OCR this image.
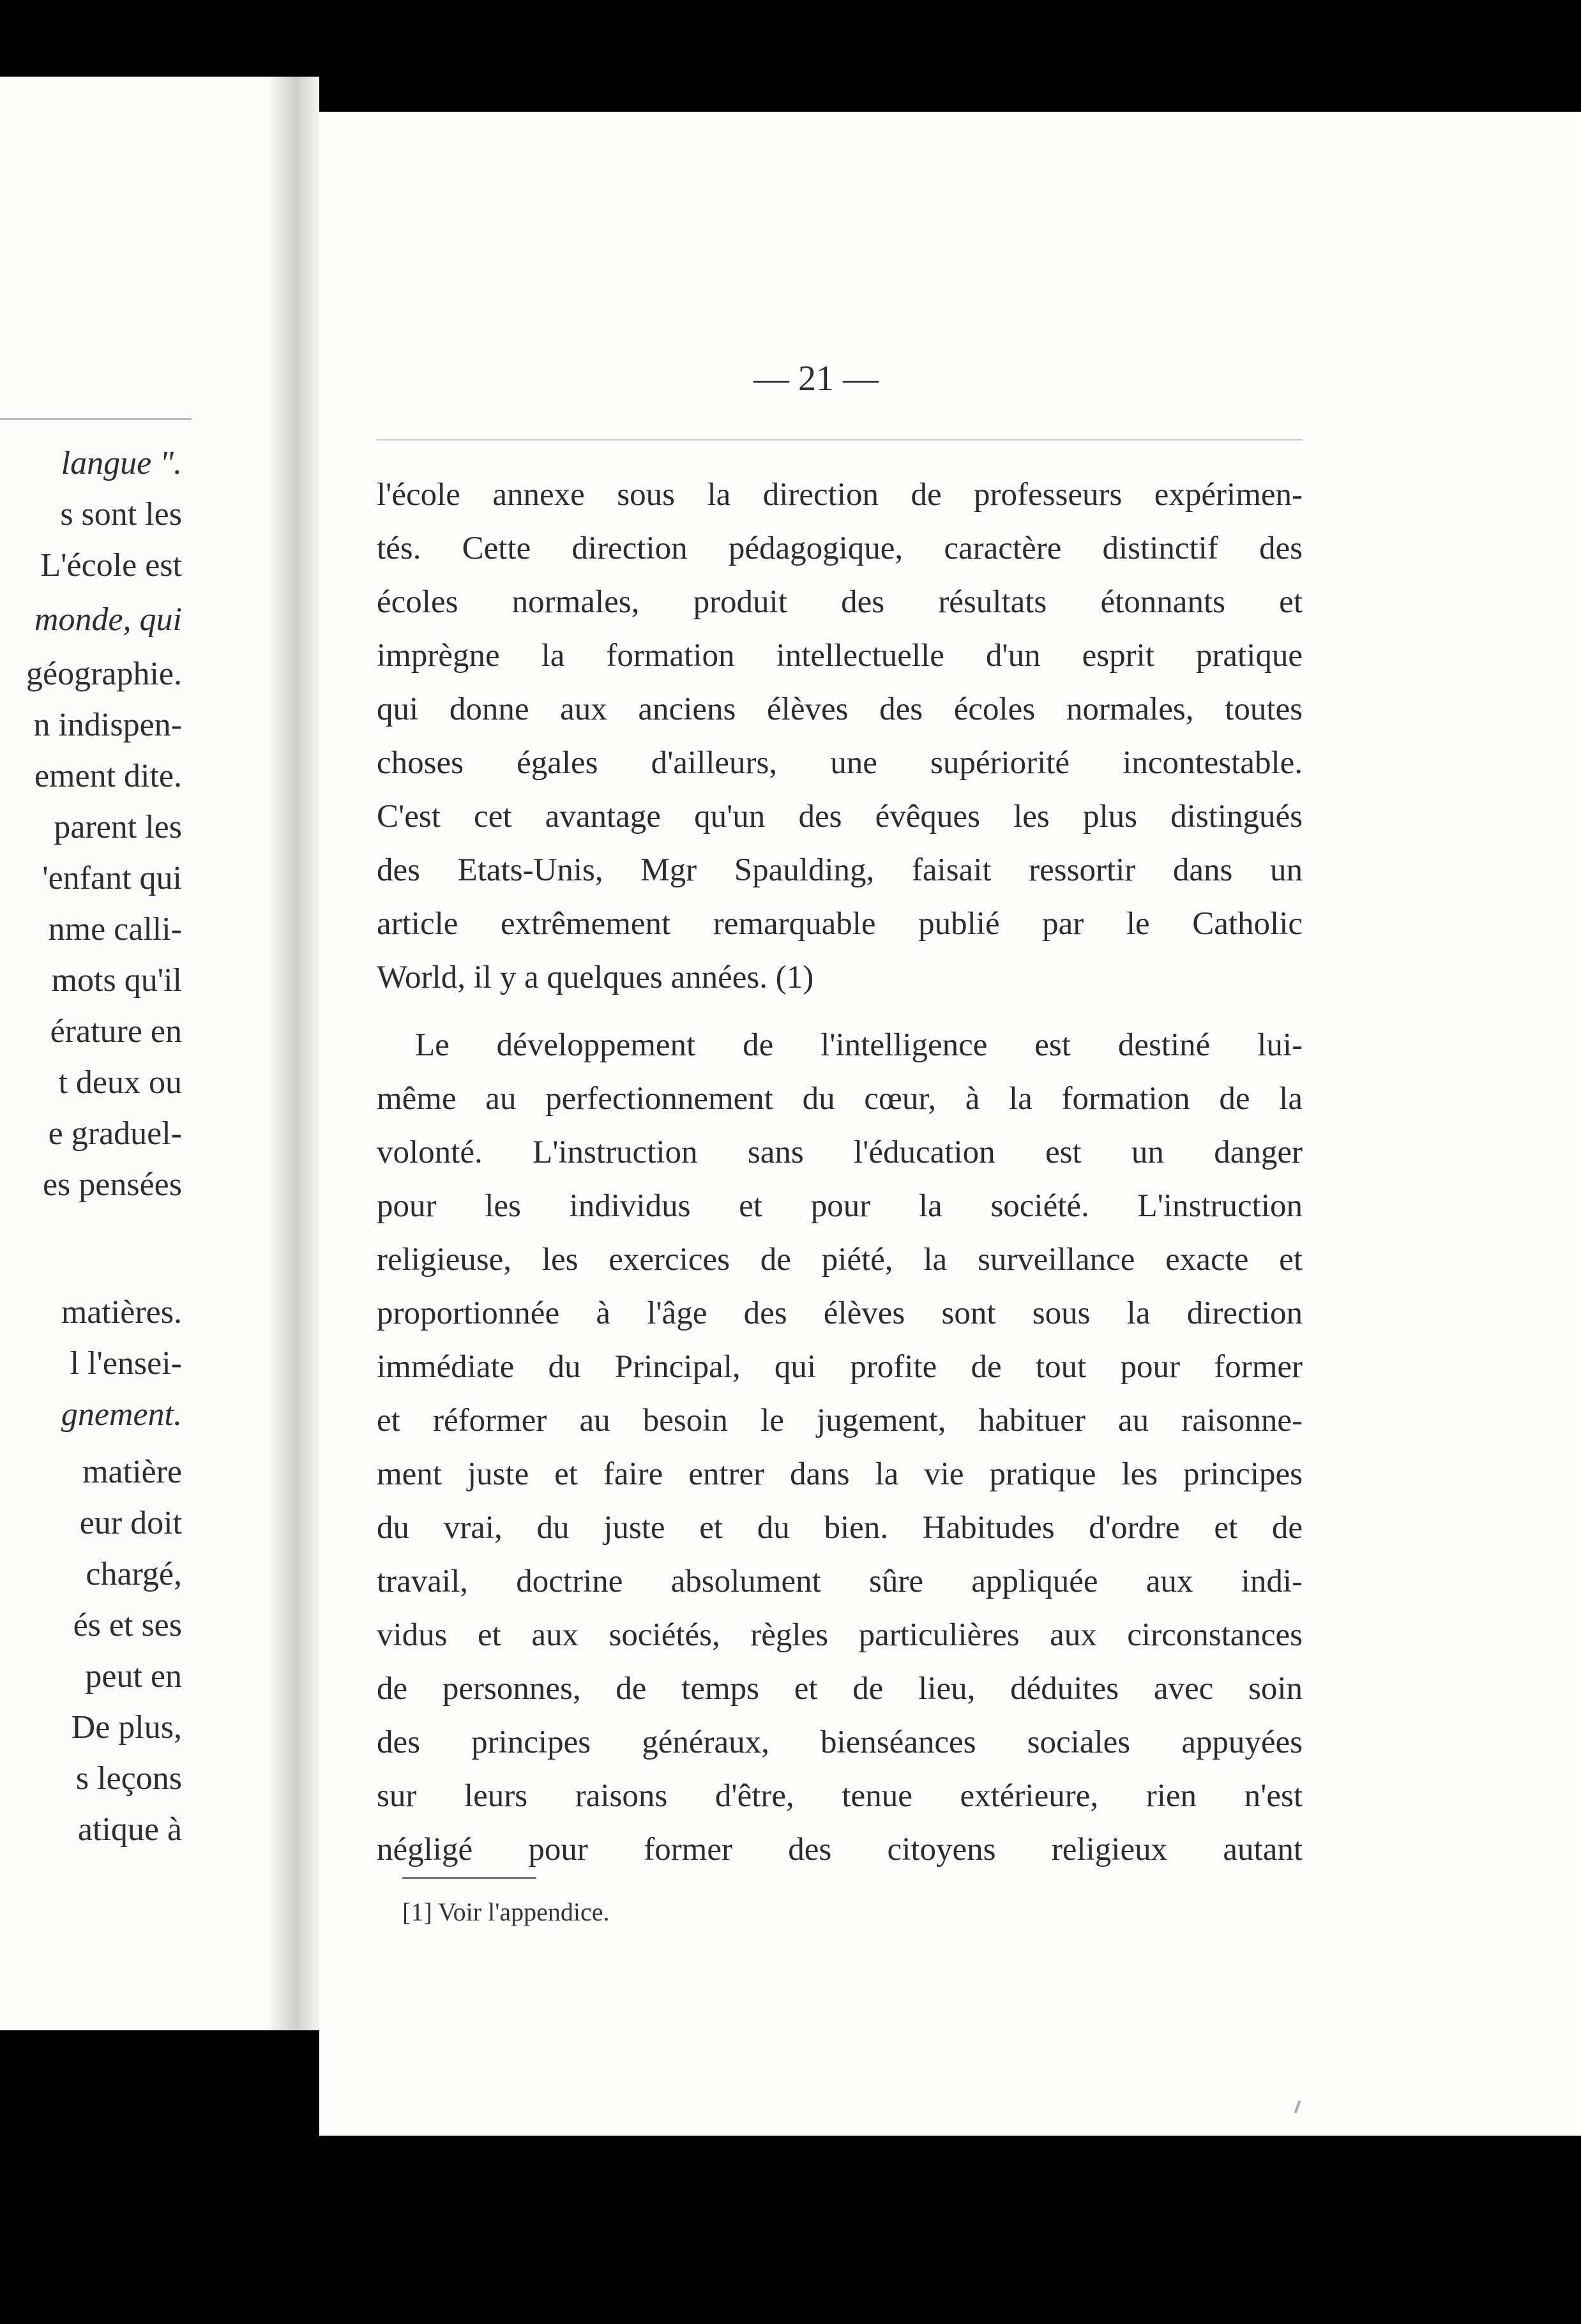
langue ".
s sont les
L'école est
monde, qui
géographie.
n indispen-
ement dite.
parent les
'enfant qui
nme calli-
mots qu'il
érature en
t deux ou
e graduel-
es pensées
matières.
l l'ensei-
gnement.
matière
eur doit
chargé,
és et ses
peut en
De plus,
s leçons
atique à
— 21 —
l'école annexe sous la direction de professeurs expérimen-
tés. Cette direction pédagogique, caractère distinctif des
écoles normales, produit des résultats étonnants et
imprègne la formation intellectuelle d'un esprit pratique
qui donne aux anciens élèves des écoles normales, toutes
choses égales d'ailleurs, une supériorité incontestable.
C'est cet avantage qu'un des évêques les plus distingués
des Etats-Unis, Mgr Spaulding, faisait ressortir dans un
article extrêmement remarquable publié par le Catholic
World, il y a quelques années. (1)
Le développement de l'intelligence est destiné lui-
même au perfectionnement du cœur, à la formation de la
volonté. L'instruction sans l'éducation est un danger
pour les individus et pour la société. L'instruction
religieuse, les exercices de piété, la surveillance exacte et
proportionnée à l'âge des élèves sont sous la direction
immédiate du Principal, qui profite de tout pour former
et réformer au besoin le jugement, habituer au raisonne-
ment juste et faire entrer dans la vie pratique les principes
du vrai, du juste et du bien. Habitudes d'ordre et de
travail, doctrine absolument sûre appliquée aux indi-
vidus et aux sociétés, règles particulières aux circonstances
de personnes, de temps et de lieu, déduites avec soin
des principes généraux, bienséances sociales appuyées
sur leurs raisons d'être, tenue extérieure, rien n'est
négligé pour former des citoyens religieux autant
[1] Voir l'appendice.
